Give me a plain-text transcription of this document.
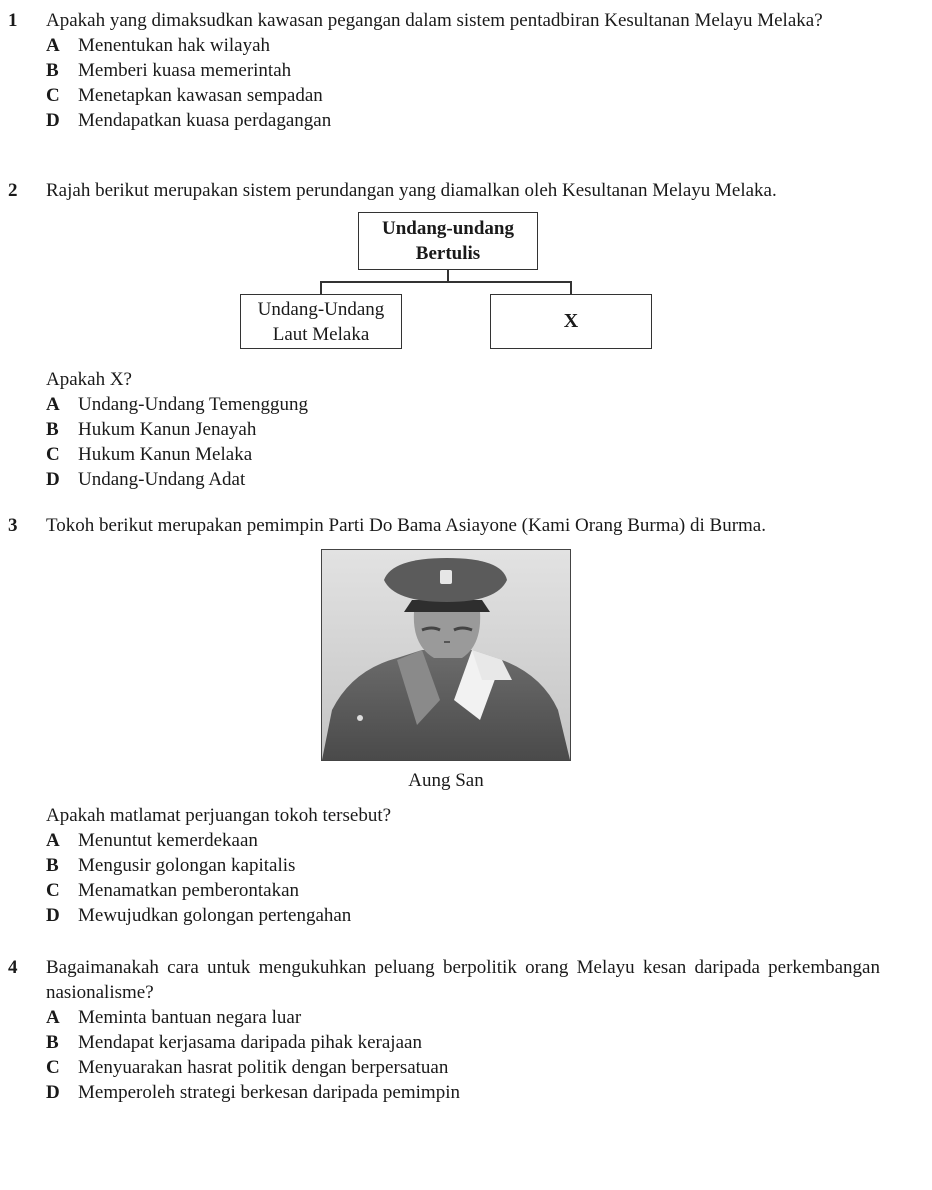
1	Apakah yang dimaksudkan kawasan pegangan dalam sistem pentadbiran Kesultanan Melayu Melaka?
A Menentukan hak wilayah
B	Memberi kuasa memerintah
C Menetapkan kawasan sempadan
D Mendapatkan kuasa perdagangan
2	Rajah berikut merupakan sistem perundangan yang diamalkan oleh Kesultanan Melayu Melaka.
Undang-undang Bertulis
Undang-Undang Laut Melaka
X
Apakah X?
A Undang-Undang Temenggung
B	Hukum Kanun Jenayah
C Hukum Kanun Melaka
D Undang-Undang Adat
3	Tokoh berikut merupakan pemimpin Parti Do Bama Asiayone (Kami Orang Burma) di Burma.
Aung San
Apakah matlamat perjuangan tokoh tersebut?
A Menuntut kemerdekaan
B	Mengusir golongan kapitalis
C Menamatkan pemberontakan
D Mewujudkan golongan pertengahan
4	Bagaimanakah cara untuk mengukuhkan peluang berpolitik orang Melayu kesan daripada perkembangan nasionalisme?
A Meminta bantuan negara luar
B	Mendapat kerjasama daripada pihak kerajaan
C Menyuarakan hasrat politik dengan berpersatuan
D Memperoleh strategi berkesan daripada pemimpin
